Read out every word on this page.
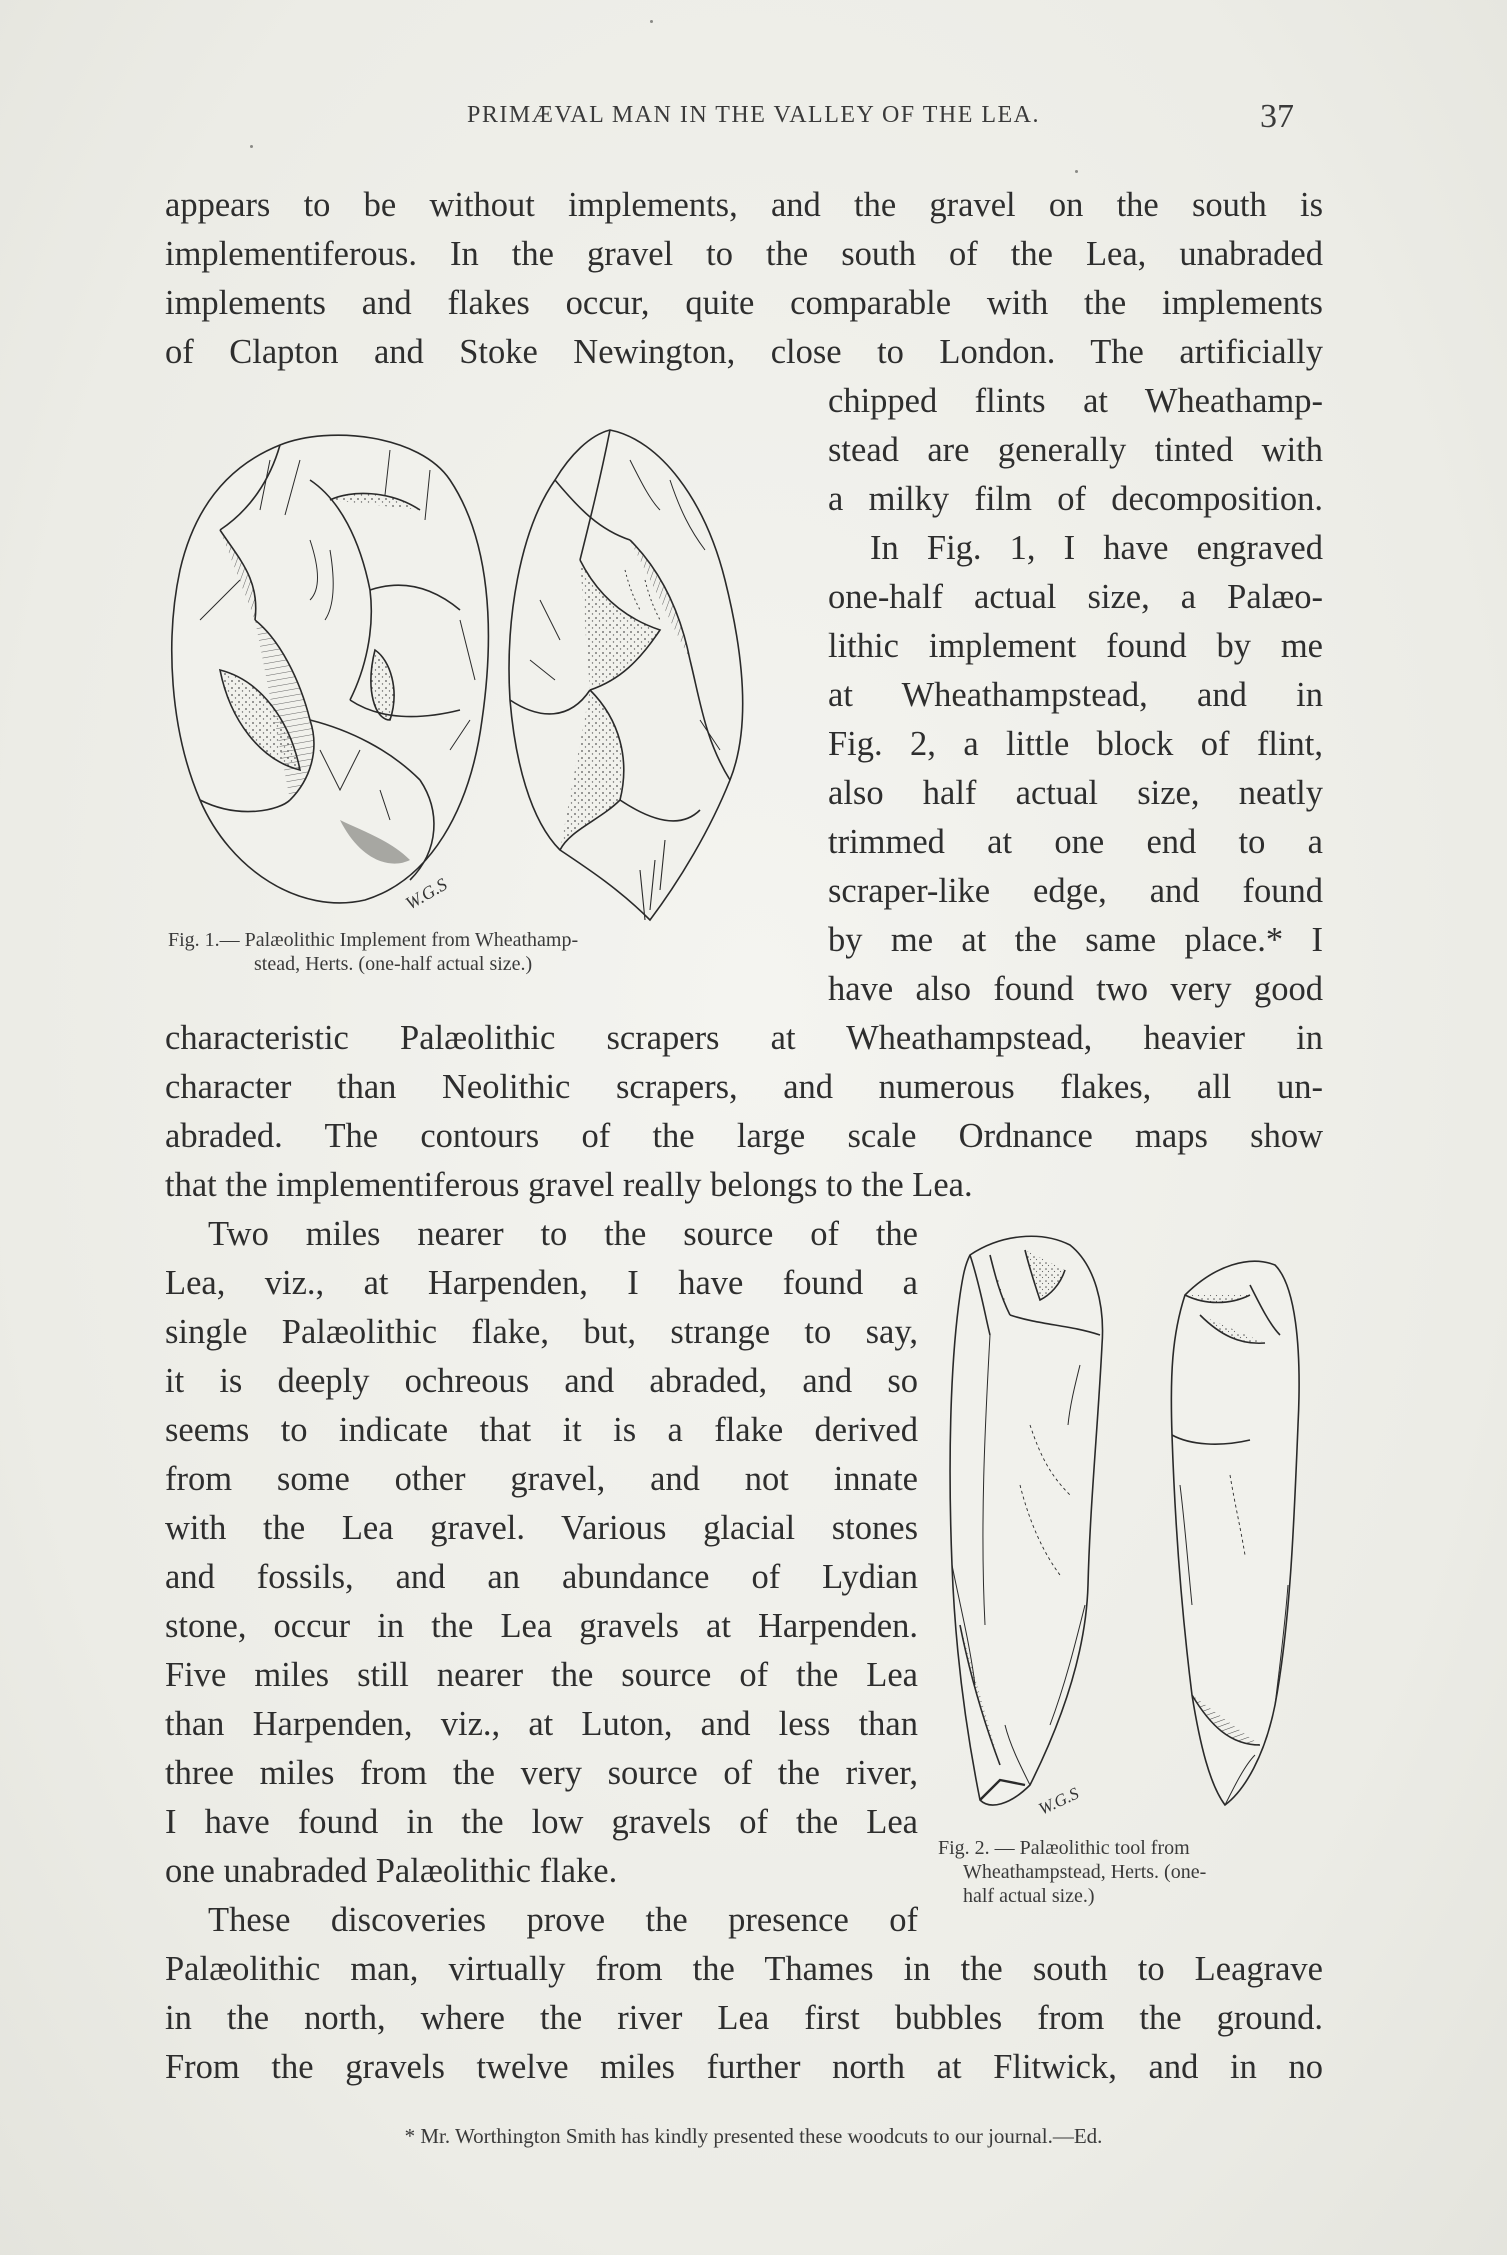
PRIMÆVAL MAN IN THE VALLEY OF THE LEA.	37
appears to be without implements, and the gravel on the south is
implementiferous. In the gravel to the south of the Lea, unabraded
implements and flakes occur, quite comparable with the implements
of Clapton and Stoke Newington, close to London. The artificially
chipped flints at Wheathamp-
stead are generally tinted with
a milky film of decomposition.
In Fig. 1, I have engraved
one-half actual size, a Palæo-
lithic implement found by me
at Wheathampstead, and in
Fig. 2, a little block of flint,
also half actual size, neatly
trimmed at one end to a
scraper-like edge, and found
by me at the same place.* I
have also found two very good
characteristic Palæolithic scrapers at Wheathampstead, heavier in
character than Neolithic scrapers, and numerous flakes, all un-
abraded. The contours of the large scale Ordnance maps show
that the implementiferous gravel really belongs to the Lea.
Two miles nearer to the source of the
Lea, viz., at Harpenden, I have found a
single Palæolithic flake, but, strange to say,
it is deeply ochreous and abraded, and so
seems to indicate that it is a flake derived
from some other gravel, and not innate
with the Lea gravel. Various glacial stones
and fossils, and an abundance of Lydian
stone, occur in the Lea gravels at Harpenden.
Five miles still nearer the source of the Lea
than Harpenden, viz., at Luton, and less than
three miles from the very source of the river,
I have found in the low gravels of the Lea
one unabraded Palæolithic flake.
These discoveries prove the presence of
Palæolithic man, virtually from the Thames in the south to Leagrave
in the north, where the river Lea first bubbles from the ground.
From the gravels twelve miles further north at Flitwick, and in no
W.G.S
Fig. 1.— Palæolithic Implement from Wheathamp-
stead, Herts. (one-half actual size.)
W.G.S
Fig. 2. — Palæolithic tool from
Wheathampstead, Herts. (one-
half actual size.)
* Mr. Worthington Smith has kindly presented these woodcuts to our journal.—Ed.
